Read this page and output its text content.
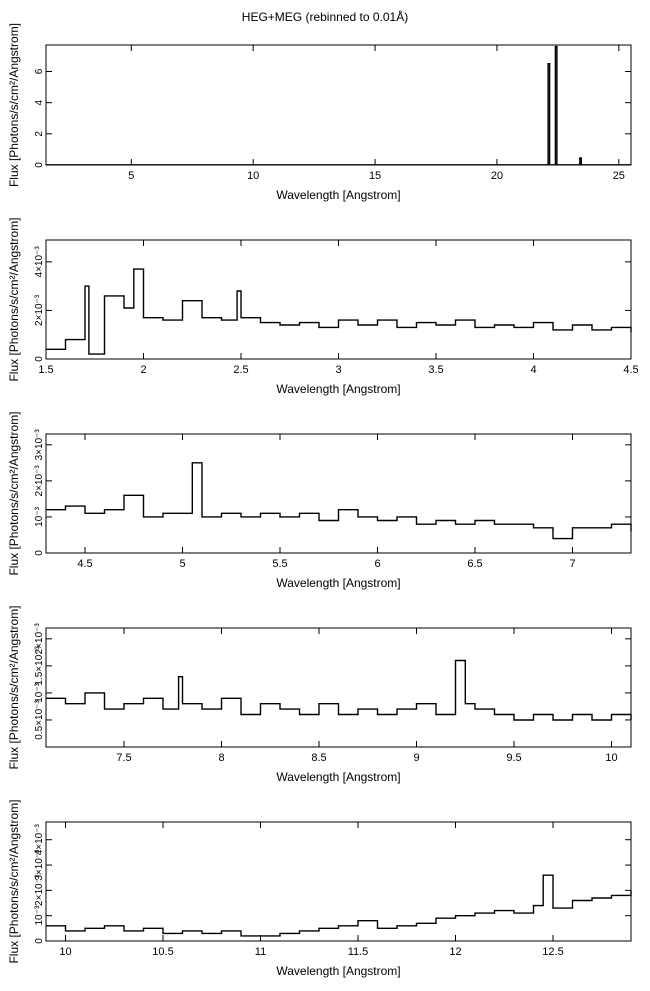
HEG+MEG (rebinned to 0.01Å)
5	10	15	20	25
0
2
4
6
Wavelength [Angstrom]
Flux [Photons/s/cm²/Angstrom]
1.5	2	2.5	3	3.5	4	4.5
0
2×10⁻³
4×10⁻³
Wavelength [Angstrom]
Flux [Photons/s/cm²/Angstrom]
4.5	5	5.5	6	6.5	7
0
10⁻³
2×10⁻³
3×10⁻³
Wavelength [Angstrom]
Flux [Photons/s/cm²/Angstrom]
7.5	8	8.5	9	9.5	10
0.5×10⁻³
10⁻³
1.5×10⁻³
2×10⁻³
Wavelength [Angstrom]
Flux [Photons/s/cm²/Angstrom]
10	10.5	11	11.5	12	12.5
0
10⁻³
2×10⁻³
3×10⁻³
4×10⁻³
Wavelength [Angstrom]
Flux [Photons/s/cm²/Angstrom]
